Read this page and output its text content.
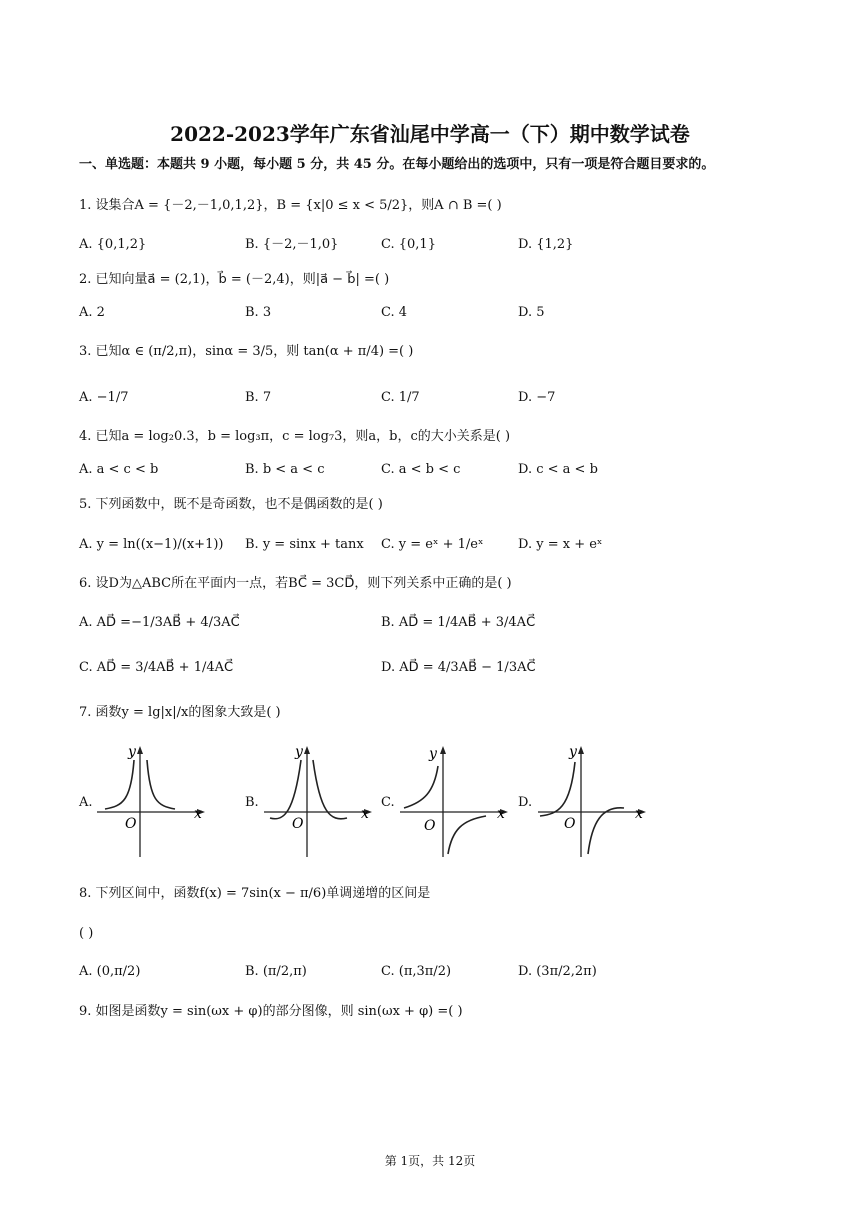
2022-2023学年广东省汕尾中学高一（下）期中数学试卷
一、单选题：本题共 9 小题，每小题 5 分，共 45 分。在每小题给出的选项中，只有一项是符合题目要求的。
1. 设集合A = {－2,－1,0,1,2}，B = {x|0 ≤ x < 5/2}，则A ∩ B =( )
A. {0,1,2}	B. {－2,－1,0}	C. {0,1}	D. {1,2}
2. 已知向量a⃗ = (2,1)，b⃗ = (－2,4)，则|a⃗ − b⃗| =( )
A. 2	B. 3	C. 4	D. 5
3. 已知α ∈ (π/2,π)，sinα = 3/5，则 tan(α + π/4) =( )
A. −1/7	B. 7	C. 1/7	D. −7
4. 已知a = log₂0.3，b = log₃π，c = log₇3，则a，b，c的大小关系是( )
A. a < c < b	B. b < a < c	C. a < b < c	D. c < a < b
5. 下列函数中，既不是奇函数，也不是偶函数的是( )
A. y = ln((x−1)/(x+1)) B. y = sinx + tanx C. y = eˣ + 1/eˣ	D. y = x + eˣ
6. 设D为△ABC所在平面内一点，若BC⃗ = 3CD⃗，则下列关系中正确的是( )
A. AD⃗ =−1/3AB⃗ + 4/3AC⃗	B. AD⃗ = 1/4AB⃗ + 3/4AC⃗
C. AD⃗ = 3/4AB⃗ + 1/4AC⃗	D. AD⃗ = 4/3AB⃗ − 1/3AC⃗
7. 函数y = lg|x|/x的图象大致是( )
A.
y
x
O
B.
y
x
O
C.
y
x
O
D.
y
x
O
8. 下列区间中，函数f(x) = 7sin(x − π/6)单调递增的区间是
( )
A. (0,π/2)	B. (π/2,π)	C. (π,3π/2)	D. (3π/2,2π)
9. 如图是函数y = sin(ωx + φ)的部分图像，则 sin(ωx + φ) =( )
第 1页，共 12页
